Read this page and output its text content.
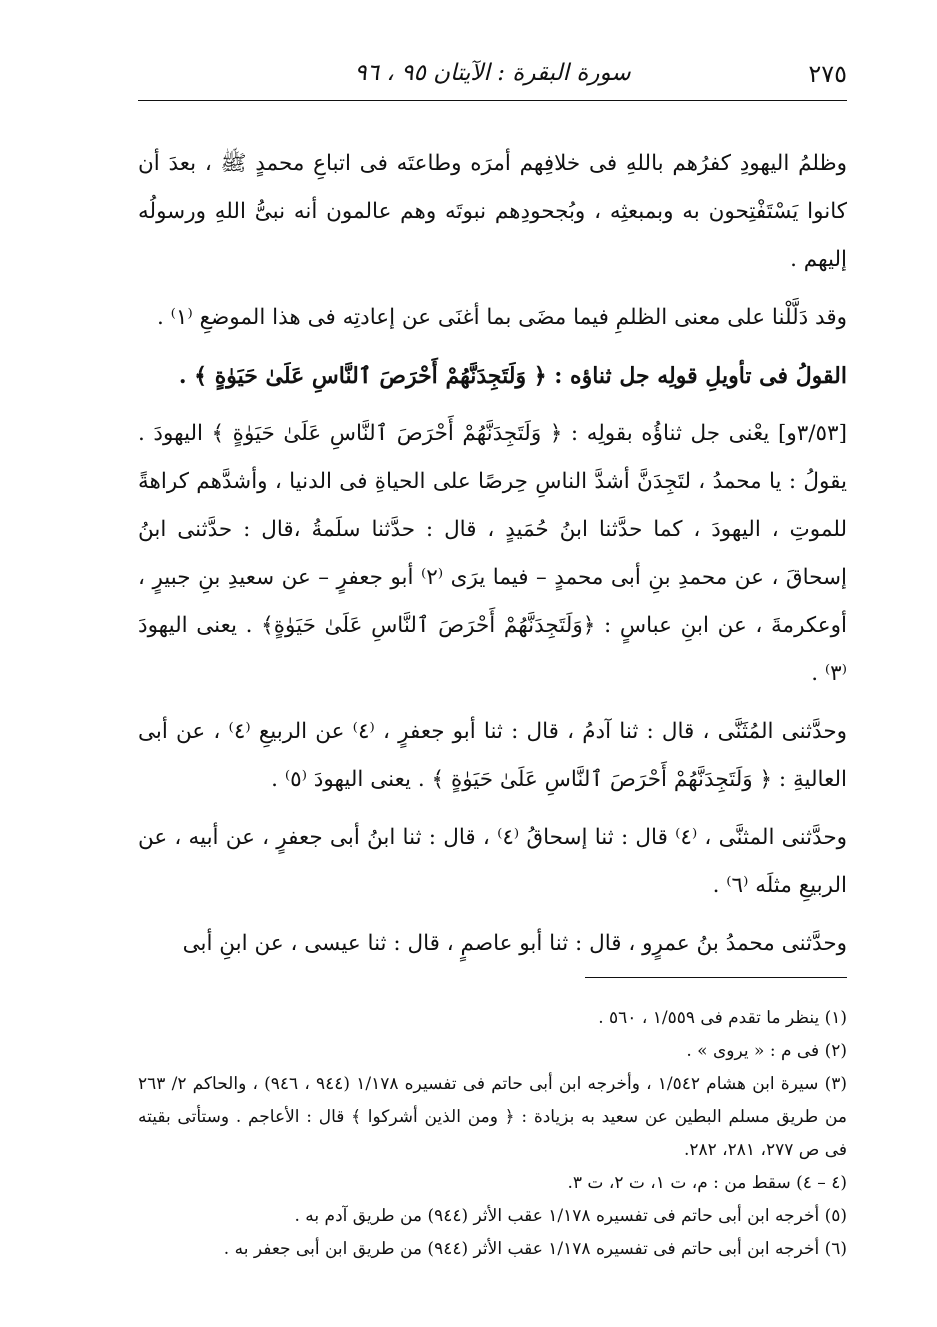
٢٧٥
سورة البقرة : الآيتان ٩٥ ، ٩٦

وظلمُ اليهودِ كفرُهم باللهِ فى خلافِهم أمرَه وطاعتَه فى اتباعِ محمدٍ ﷺ ، بعدَ أن كانوا يَسْتَفْتِحون به وبمبعثِه ، وبُجحودِهم نبوتَه وهم عالمون أنه نبىُّ اللهِ ورسولُه إليهم .

وقد دَلَّلْنا على معنى الظلمِ فيما مضَى بما أغنَى عن إعادتِه فى هذا الموضعِ ⁽١⁾ .

القولُ فى تأويلِ قولِه جل ثناؤه : ﴿ وَلَتَجِدَنَّهُمْ أَحْرَصَ ٱلنَّاسِ عَلَىٰ حَيَوٰةٍ ﴾ .

[٣/٥٣و] يعْنى جل ثناؤُه بقولِه : ﴿ وَلَتَجِدَنَّهُمْ أَحْرَصَ ٱلنَّاسِ عَلَىٰ حَيَوٰةٍ ﴾ اليهودَ . يقولُ : يا محمدُ ، لتَجِدَنَّ أشدَّ الناسِ حِرصًا على الحياةِ فى الدنيا ، وأشدَّهم كراهةً للموتِ ، اليهودَ ، كما حدَّثنا ابنُ حُمَيدٍ ، قال : حدَّثنا سلَمةُ ،قال : حدَّثنى ابنُ إسحاقَ ، عن محمدِ بنِ أبى محمدٍ – فيما يرَى ⁽٢⁾ أبو جعفرٍ – عن سعيدِ بنِ جبيرٍ ، أوعكرمةَ ، عن ابنِ عباسٍ : ﴿وَلَتَجِدَنَّهُمْ أَحْرَصَ ٱلنَّاسِ عَلَىٰ حَيَوٰةٍ﴾ . يعنى اليهودَ ⁽٣⁾ .

وحدَّثنى المُثَنَّى ، قال : ثنا آدمُ ، قال : ثنا أبو جعفرٍ ، ⁽٤⁾ عن الربيعِ ⁽٤⁾ ، عن أبى العاليةِ : ﴿ وَلَتَجِدَنَّهُمْ أَحْرَصَ ٱلنَّاسِ عَلَىٰ حَيَوٰةٍ ﴾ . يعنى اليهودَ ⁽٥⁾ .

وحدَّثنى المثنَّى ، ⁽٤⁾ قال : ثنا إسحاقُ ⁽٤⁾ ، قال : ثنا ابنُ أبى جعفرٍ ، عن أبيه ، عن الربيعِ مثلَه ⁽٦⁾ .

وحدَّثنى محمدُ بنُ عمرٍو ، قال : ثنا أبو عاصمٍ ، قال : ثنا عيسى ، عن ابنِ أبى

(١) ينظر ما تقدم فى ١/٥٥٩ ، ٥٦٠ .
(٢) فى م : « يروى » .
(٣) سيرة ابن هشام ١/٥٤٢ ، وأخرجه ابن أبى حاتم فى تفسيره ١/١٧٨ (٩٤٤ ، ٩٤٦) ، والحاكم ٢/ ٢٦٣ من طريق مسلم البطين عن سعيد به بزيادة : ﴿ ومن الذين أشركوا ﴾ قال : الأعاجم . وستأتى بقيته فى ص ٢٧٧، ٢٨١، ٢٨٢.
(٤ – ٤) سقط من : م، ت ١، ت ٢، ت ٣.
(٥) أخرجه ابن أبى حاتم فى تفسيره ١/١٧٨ عقب الأثر (٩٤٤) من طريق آدم به .
(٦) أخرجه ابن أبى حاتم فى تفسيره ١/١٧٨ عقب الأثر (٩٤٤) من طريق ابن أبى جعفر به .
